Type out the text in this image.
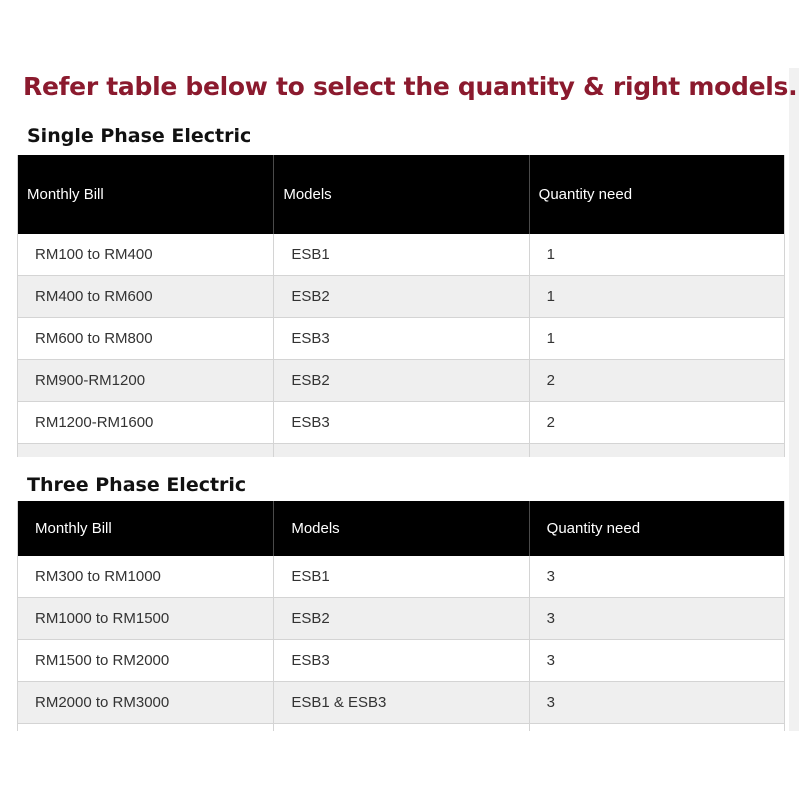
Refer table below to select the quantity & right models.
Single Phase Electric
Monthly Bill	Models	Quantity need
RM100 to RM400	ESB1	1
RM400 to RM600	ESB2	1
RM600 to RM800	ESB3	1
RM900-RM1200	ESB2	2
RM1200-RM1600	ESB3	2
Three Phase Electric
Monthly Bill	Models	Quantity need
RM300 to RM1000	ESB1	3
RM1000 to RM1500	ESB2	3
RM1500 to RM2000	ESB3	3
RM2000 to RM3000	ESB1 & ESB3	3
